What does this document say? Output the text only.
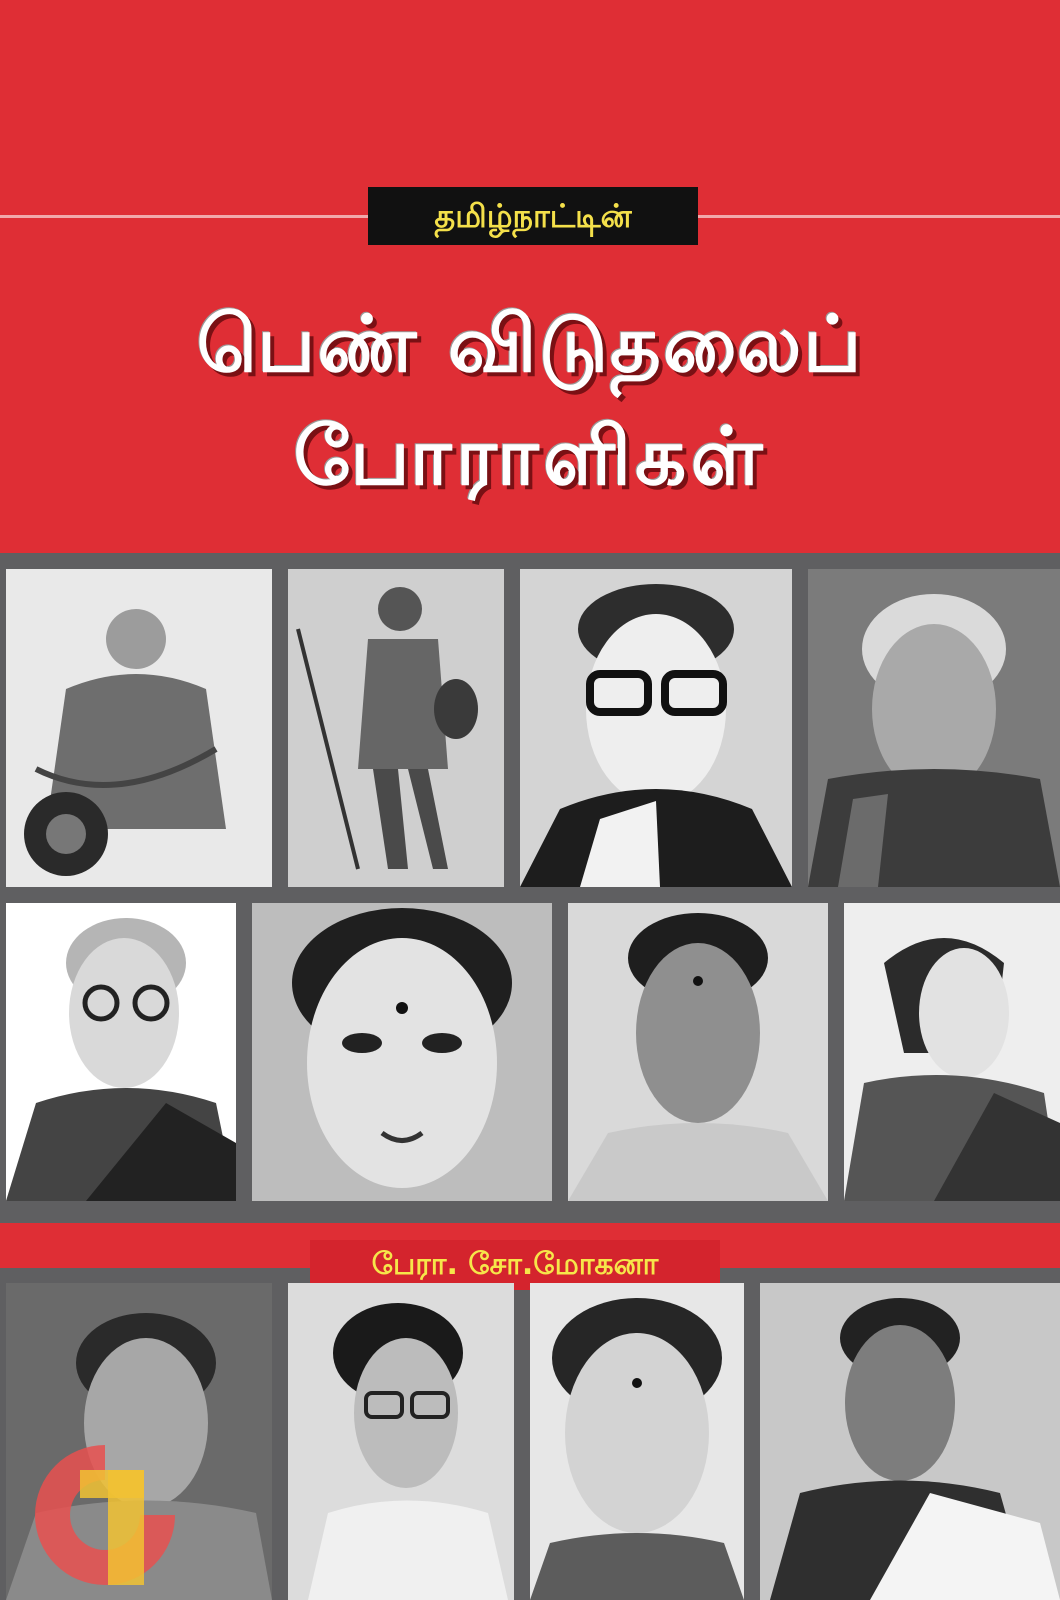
தமிழ்நாட்டின்
பெண் விடுதலைப்
போராளிகள்
பேரா. சோ.மோகனா
